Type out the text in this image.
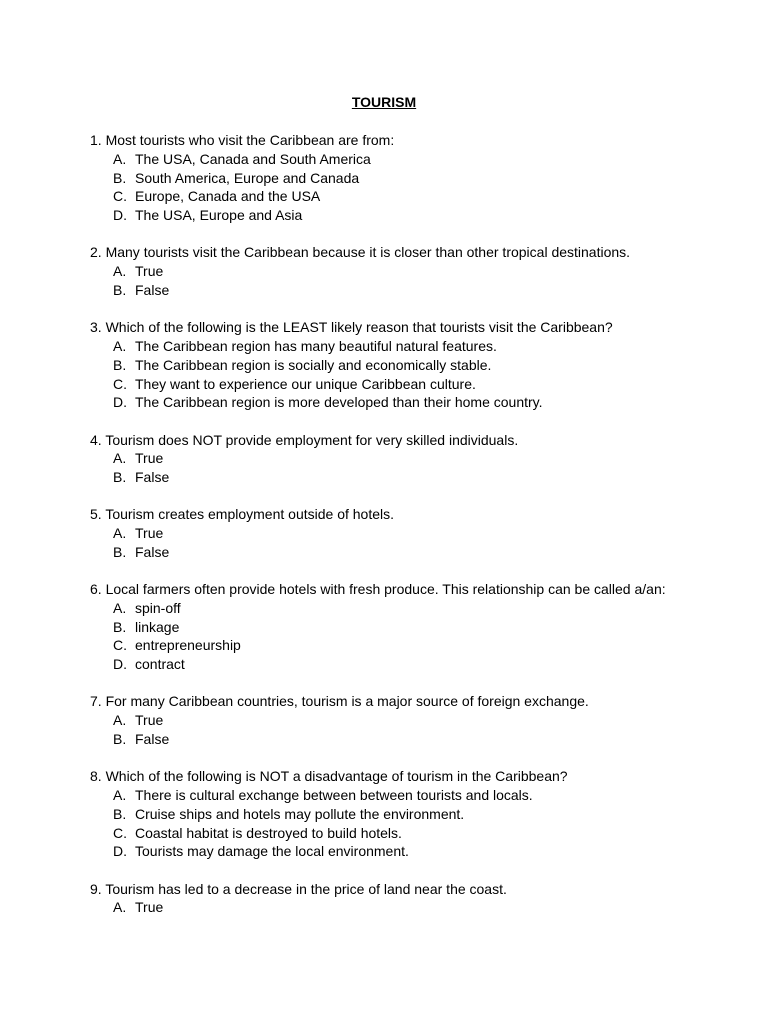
TOURISM
1. Most tourists who visit the Caribbean are from:
A. The USA, Canada and South America
B. South America, Europe and Canada
C. Europe, Canada and the USA
D. The USA, Europe and Asia
2. Many tourists visit the Caribbean because it is closer than other tropical destinations.
A. True
B. False
3. Which of the following is the LEAST likely reason that tourists visit the Caribbean?
A. The Caribbean region has many beautiful natural features.
B. The Caribbean region is socially and economically stable.
C. They want to experience our unique Caribbean culture.
D. The Caribbean region is more developed than their home country.
4. Tourism does NOT provide employment for very skilled individuals.
A. True
B. False
5. Tourism creates employment outside of hotels.
A. True
B. False
6. Local farmers often provide hotels with fresh produce. This relationship can be called a/an:
A. spin-off
B. linkage
C. entrepreneurship
D. contract
7. For many Caribbean countries, tourism is a major source of foreign exchange.
A. True
B. False
8. Which of the following is NOT a disadvantage of tourism in the Caribbean?
A. There is cultural exchange between between tourists and locals.
B. Cruise ships and hotels may pollute the environment.
C. Coastal habitat is destroyed to build hotels.
D. Tourists may damage the local environment.
9. Tourism has led to a decrease in the price of land near the coast.
A. True
